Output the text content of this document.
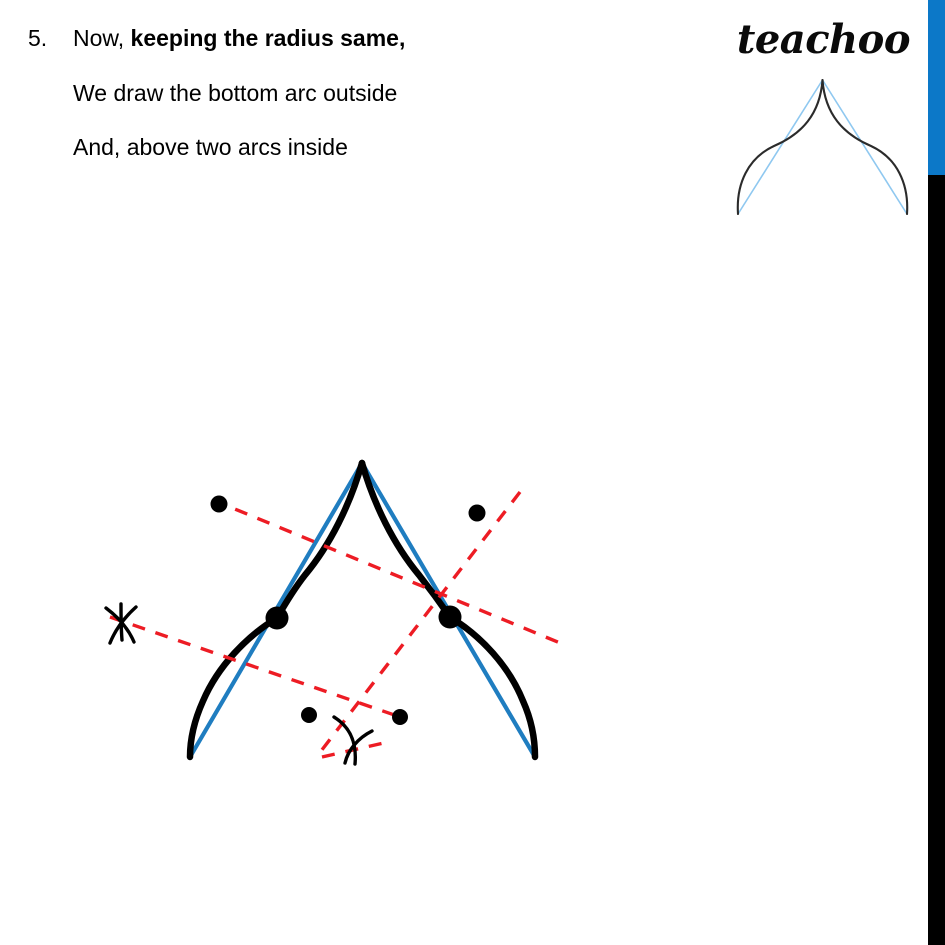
5.	Now, keeping the radius same,
We draw the bottom arc outside
And, above two arcs inside
teachoo
